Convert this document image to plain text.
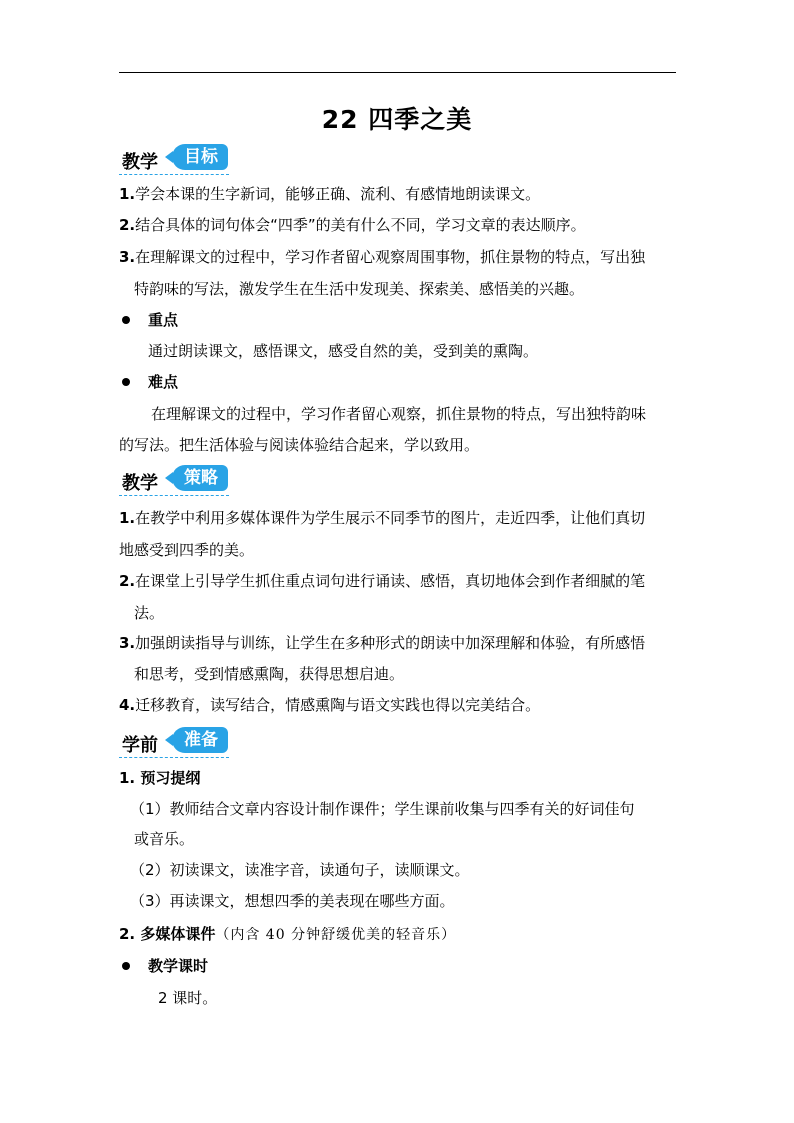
22 四季之美
教学	目标
1.学会本课的生字新词，能够正确、流利、有感情地朗读课文。
2.结合具体的词句体会“四季”的美有什么不同，学习文章的表达顺序。
3.在理解课文的过程中，学习作者留心观察周围事物，抓住景物的特点，写出独
特韵味的写法，激发学生在生活中发现美、探索美、感悟美的兴趣。
重点
通过朗读课文，感悟课文，感受自然的美，受到美的熏陶。
难点
在理解课文的过程中，学习作者留心观察，抓住景物的特点，写出独特韵味
的写法。把生活体验与阅读体验结合起来，学以致用。
教学	策略
1.在教学中利用多媒体课件为学生展示不同季节的图片，走近四季，让他们真切
地感受到四季的美。
2.在课堂上引导学生抓住重点词句进行诵读、感悟，真切地体会到作者细腻的笔
法。
3.加强朗读指导与训练，让学生在多种形式的朗读中加深理解和体验，有所感悟
和思考，受到情感熏陶，获得思想启迪。
4.迁移教育，读写结合，情感熏陶与语文实践也得以完美结合。
学前	准备
1. 预习提纲
（1）教师结合文章内容设计制作课件；学生课前收集与四季有关的好词佳句
或音乐。
（2）初读课文，读准字音，读通句子，读顺课文。
（3）再读课文，想想四季的美表现在哪些方面。
2. 多媒体课件（内含 40 分钟舒缓优美的轻音乐）
教学课时
2 课时。
